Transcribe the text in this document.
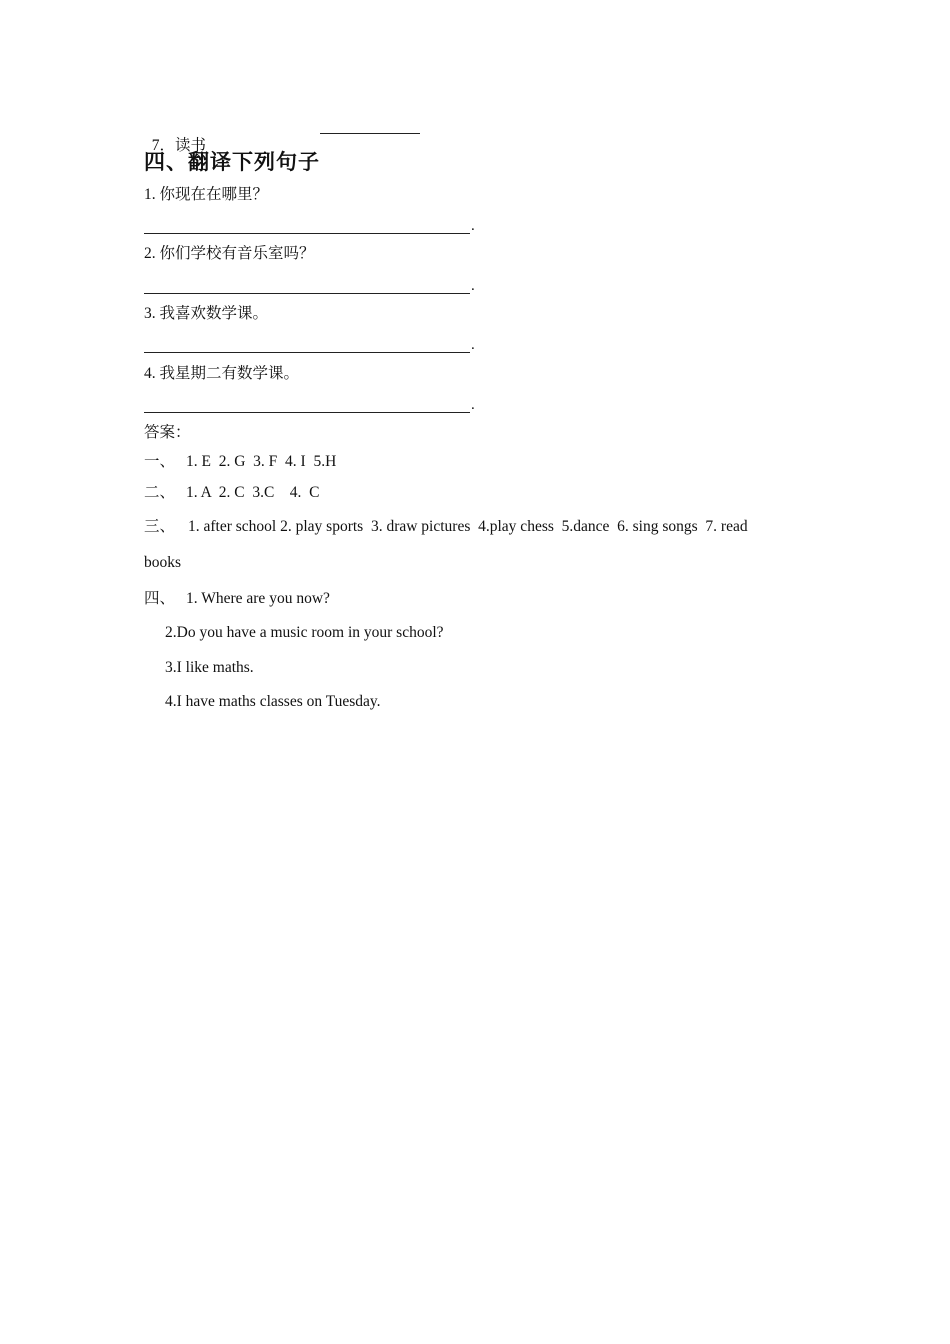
7．读书

四、翻译下列句子
1. 你现在在哪里？
.
2. 你们学校有音乐室吗？
.
3. 我喜欢数学课。
.
4. 我星期二有数学课。
.
答案：
一、 1. E  2. G  3. F  4. I  5.H
二、 1. A  2. C  3.C    4.  C
三、 1. after school 2. play sports  3. draw pictures  4.play chess  5.dance  6. sing songs  7. read
books
四、 1. Where are you now?
2.Do you have a music room in your school?
3.I like maths.
4.I have maths classes on Tuesday.
